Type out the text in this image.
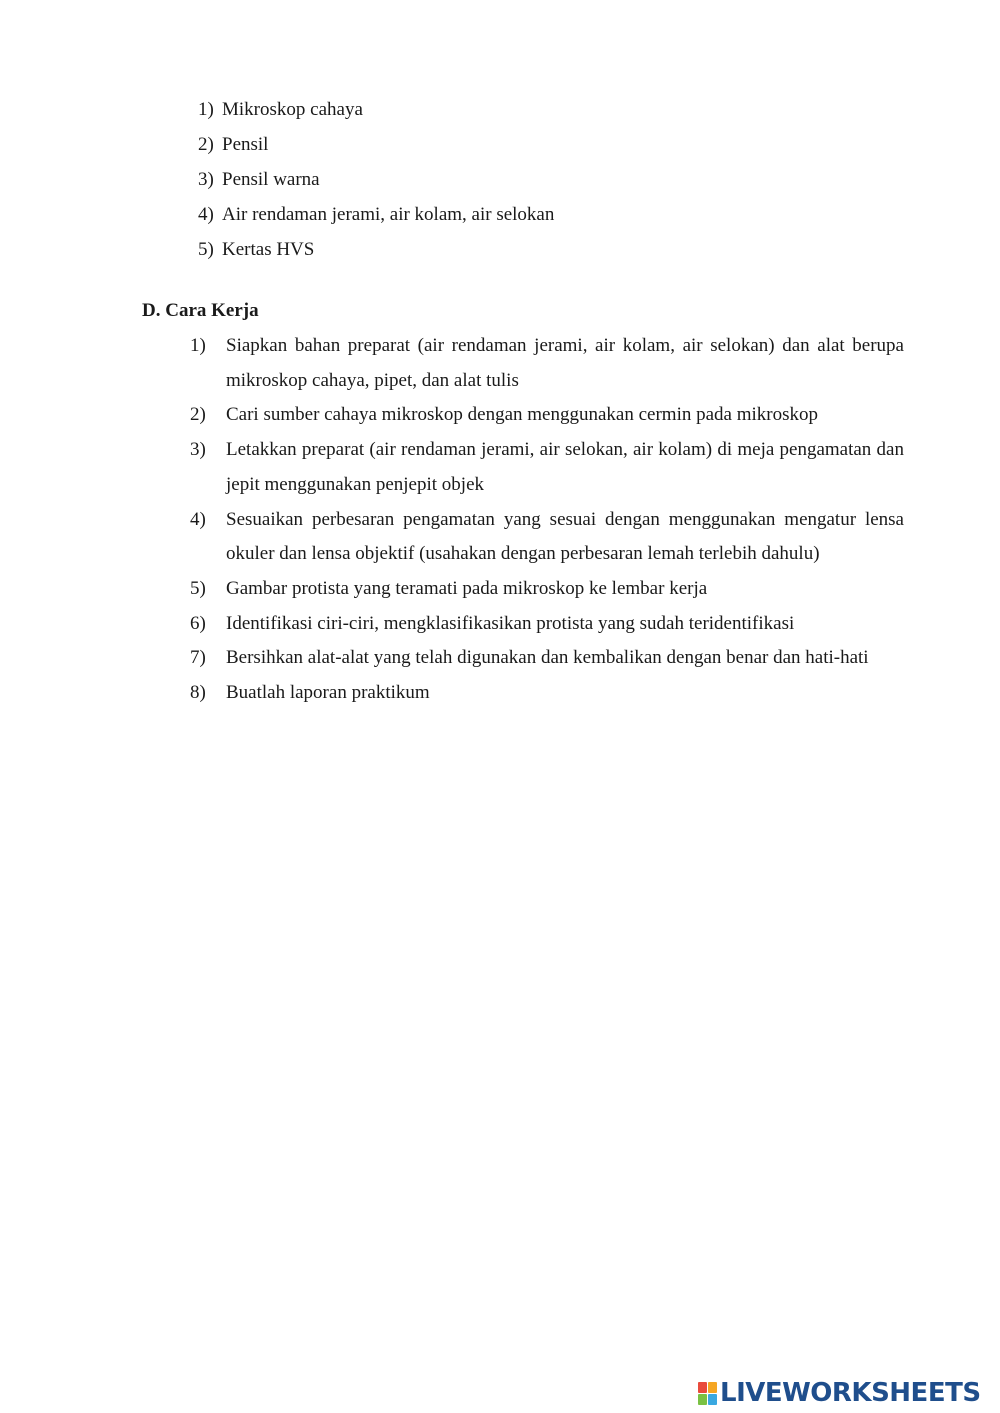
1) Mikroskop cahaya
2) Pensil
3) Pensil warna
4) Air rendaman jerami, air kolam, air selokan
5) Kertas HVS
D. Cara Kerja
1) Siapkan bahan preparat (air rendaman jerami, air kolam, air selokan) dan alat berupa mikroskop cahaya, pipet, dan alat tulis
2) Cari sumber cahaya mikroskop dengan menggunakan cermin pada mikroskop
3) Letakkan preparat (air rendaman jerami, air selokan, air kolam) di meja pengamatan dan jepit menggunakan penjepit objek
4) Sesuaikan perbesaran pengamatan yang sesuai dengan menggunakan mengatur lensa okuler dan lensa objektif (usahakan dengan perbesaran lemah terlebih dahulu)
5) Gambar protista yang teramati pada mikroskop ke lembar kerja
6) Identifikasi ciri-ciri, mengklasifikasikan protista yang sudah teridentifikasi
7) Bersihkan alat-alat yang telah digunakan dan kembalikan dengan benar dan hati-hati
8) Buatlah laporan praktikum
LIVEWORKSHEETS
